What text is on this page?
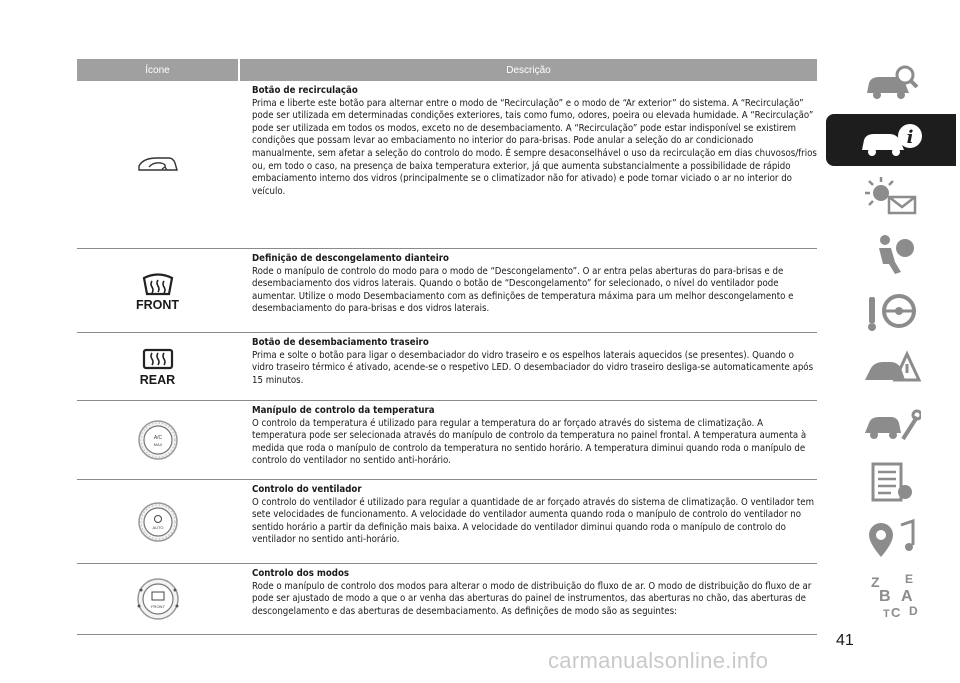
Ícone	Descrição
Botão de recirculação

Prima e liberte este botão para alternar entre o modo de “Recirculação” e o modo de “Ar exterior” do sistema. A “Recirculação” pode ser utilizada em determinadas condições exteriores, tais como fumo, odores, poeira ou elevada humidade. A “Recirculação” pode ser utilizada em todos os modos, exceto no de desembaciamento. A “Recirculação” pode estar indisponível se existirem condições que possam levar ao embaciamento no interior do para-brisas. Pode anular a seleção do ar condicionado manualmente, sem afetar a seleção do controlo do modo. É sempre desaconselhável o uso da recirculação em dias chuvosos/frios ou, em todo o caso, na presença de baixa temperatura exterior, já que aumenta substancialmente a possibilidade de rápido embaciamento interno dos vidros (principalmente se o climatizador não for ativado) e pode tornar viciado o ar no interior do veículo.

FRONT
Definição de descongelamento dianteiro

Rode o manípulo de controlo do modo para o modo de “Descongelamento”. O ar entra pelas aberturas do para-brisas e de desembaciamento dos vidros laterais. Quando o botão de “Descongelamento” for selecionado, o nível do ventilador pode aumentar. Utilize o modo Desembaciamento com as definições de temperatura máxima para um melhor descongelamento e desembaciamento do para-brisas e dos vidros laterais.

REAR
Botão de desembaciamento traseiro

Prima e solte o botão para ligar o desembaciador do vidro traseiro e os espelhos laterais aquecidos (se presentes). Quando o vidro traseiro térmico é ativado, acende-se o respetivo LED. O desembaciador do vidro traseiro desliga-se automaticamente após 15 minutos.

A/C
MAX
Manípulo de controlo da temperatura

O controlo da temperatura é utilizado para regular a temperatura do ar forçado através do sistema de climatização. A temperatura pode ser selecionada através do manípulo de controlo da temperatura no painel frontal. A temperatura aumenta à medida que roda o manípulo de controlo da temperatura no sentido horário. A temperatura diminui quando roda o manípulo de controlo do ventilador no sentido anti-horário.

AUTO
Controlo do ventilador

O controlo do ventilador é utilizado para regular a quantidade de ar forçado através do sistema de climatização. O ventilador tem sete velocidades de funcionamento. A velocidade do ventilador aumenta quando roda o manípulo de controlo do ventilador no sentido horário a partir da definição mais baixa. A velocidade do ventilador diminui quando roda o manípulo de controlo do ventilador no sentido anti-horário.

FRONT
Controlo dos modos

Rode o manípulo de controlo dos modos para alterar o modo de distribuição do fluxo de ar. O modo de distribuição do fluxo de ar pode ser ajustado de modo a que o ar venha das aberturas do painel de instrumentos, das aberturas no chão, das aberturas de descongelamento e das aberturas de desembaciamento. As definições de modo são as seguintes:

i
Z E
B A
C D
T
41
carmanualsonline.info
